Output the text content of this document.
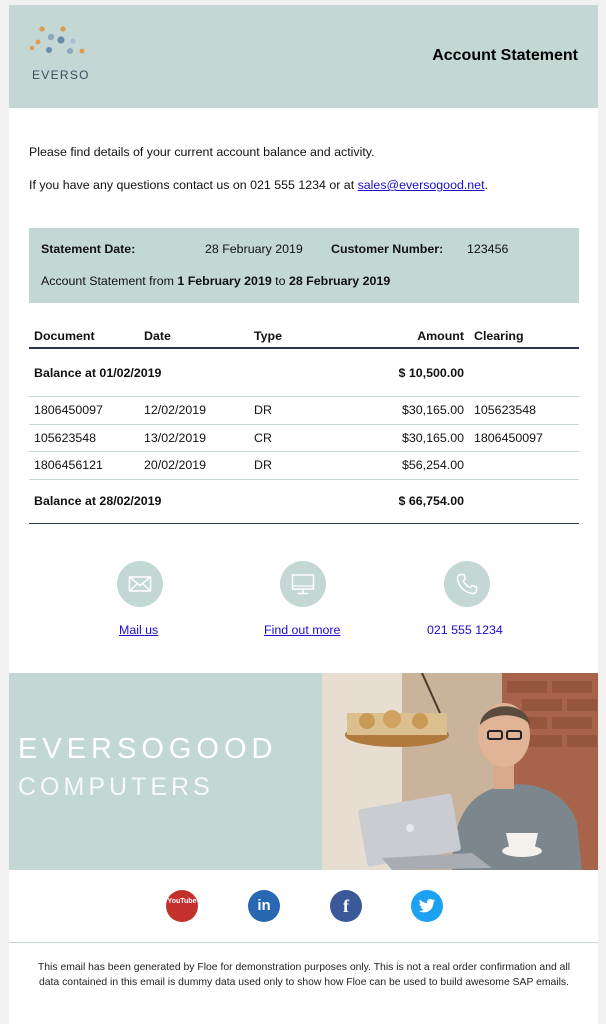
EVERSO
Account Statement
Please find details of your current account balance and activity.
If you have any questions contact us on 021 555 1234 or at sales@eversogood.net.
Statement Date:	28 February 2019 Customer Number: 123456
Account Statement from 1 February 2019 to 28 February 2019
Document	Date	Type	Amount Clearing
Balance at 01/02/2019	$ 10,500.00
1806450097	12/02/2019	DR	$30,165.00 105623548
105623548	13/02/2019	CR	$30,165.00 1806450097
1806456121	20/02/2019	DR	$56,254.00
Balance at 28/02/2019	$ 66,754.00
Mail us	Find out more	021 555 1234
EVERSOGOOD
COMPUTERS
YouTube	in	f
This email has been generated by Floe for demonstration purposes only. This is not a real order confirmation and all data contained in this email is dummy data used only to show how Floe can be used to build awesome SAP emails.
